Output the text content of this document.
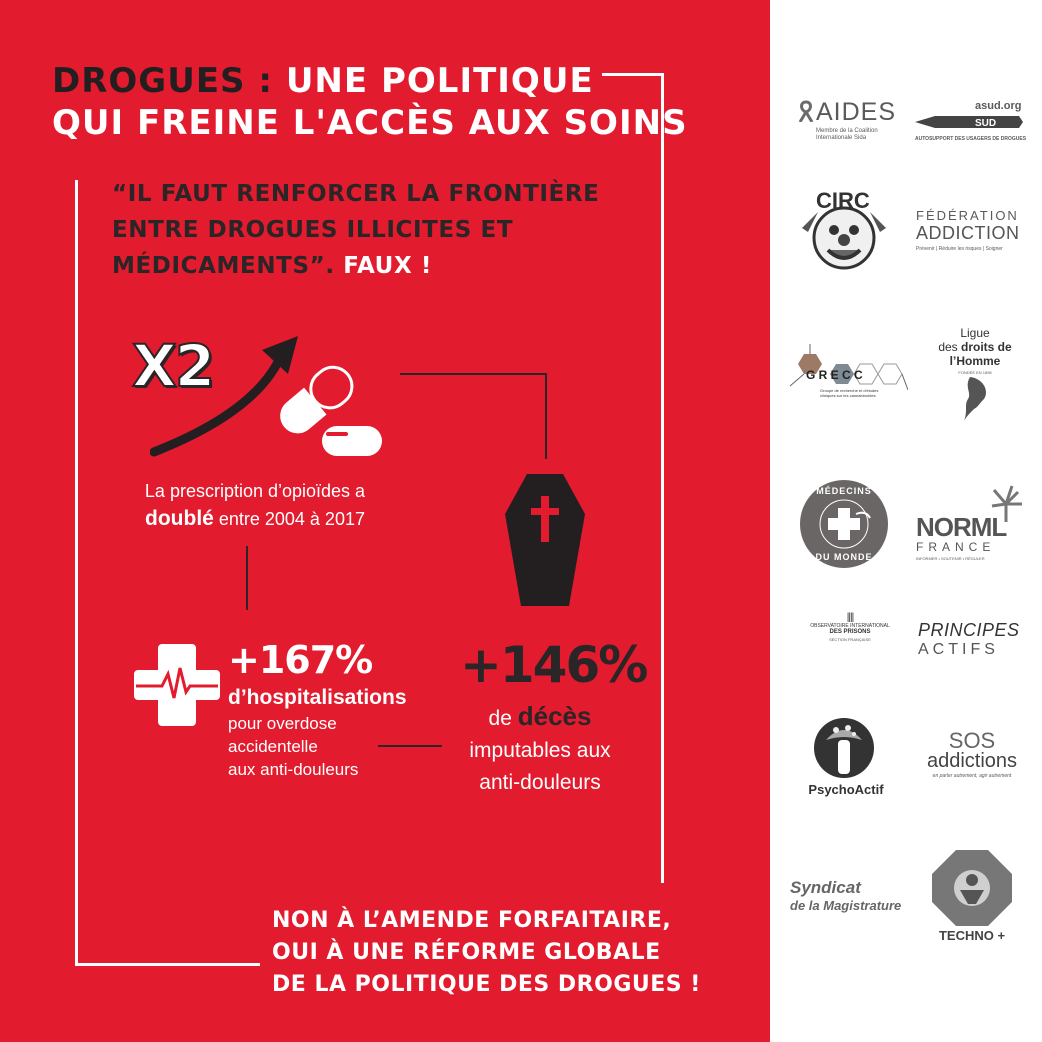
DROGUES : UNE POLITIQUE
QUI FREINE L'ACCÈS AUX SOINS
“IL FAUT RENFORCER LA FRONTIÈRE
ENTRE DROGUES ILLICITES ET
MÉDICAMENTS”. FAUX !
X2
La prescription d’opioïdes a
doublé entre 2004 à 2017
+167%
d’hospitalisations
pour overdose
accidentelle
aux anti-douleurs
+146%
de décès
imputables aux
anti-douleurs
NON À L’AMENDE FORFAITAIRE,
OUI À UNE RÉFORME GLOBALE
DE LA POLITIQUE DES DROGUES !
AIDES
Membre de la Coalition
Internationale Sida
asud.org
SUD
AUTOSUPPORT DES USAGERS DE DROGUES
CIRC
FÉDÉRATION
ADDICTION
Prévenir | Réduire les risques | Soigner
G R E C C
Groupe de recherche et d'études cliniques sur les cannabinoïdes
Ligue
des droits de
l’Homme
FONDÉE EN 1898
MÉDECINS
DU MONDE
NORML
FRANCE
INFORMER • SOUTENIR • RÉGULER
||||
OBSERVATOIRE INTERNATIONAL
DES PRISONS
SECTION FRANÇAISE	PRINCIPES
ACTIFS
PsychoActif
SOS
addictions
en parler autrement, agir autrement
Syndicat
de la Magistrature
TECHNO +
